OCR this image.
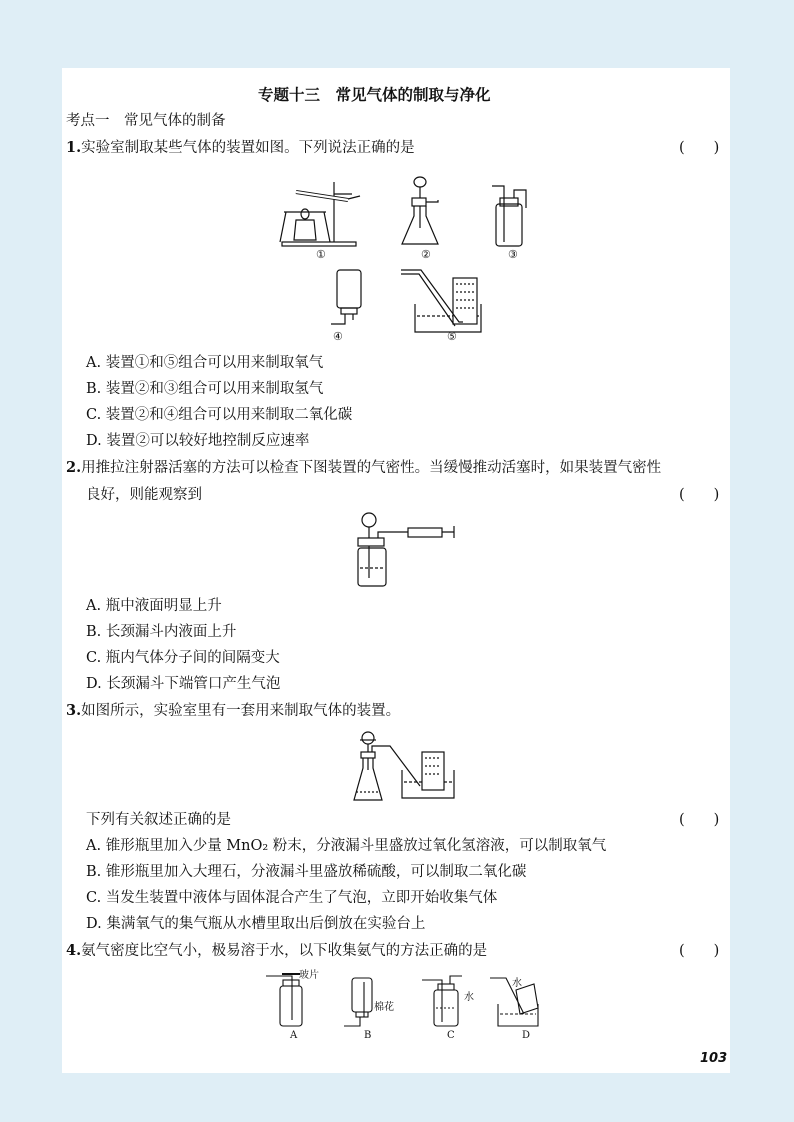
专题十三　常见气体的制取与净化
考点一　常见气体的制备
1.实验室制取某些气体的装置如图。下列说法正确的是	(　　)
①	②	③
④	⑤
A. 装置①和⑤组合可以用来制取氧气
B. 装置②和③组合可以用来制取氢气
C. 装置②和④组合可以用来制取二氧化碳
D. 装置②可以较好地控制反应速率
2.用推拉注射器活塞的方法可以检查下图装置的气密性。当缓慢推动活塞时，如果装置气密性
良好，则能观察到	(　　)
A. 瓶中液面明显上升
B. 长颈漏斗内液面上升
C. 瓶内气体分子间的间隔变大
D. 长颈漏斗下端管口产生气泡
3.如图所示，实验室里有一套用来制取气体的装置。
下列有关叙述正确的是	(　　)
A. 锥形瓶里加入少量 MnO₂ 粉末，分液漏斗里盛放过氧化氢溶液，可以制取氧气
B. 锥形瓶里加入大理石，分液漏斗里盛放稀硫酸，可以制取二氧化碳
C. 当发生装置中液体与固体混合产生了气泡，立即开始收集气体
D. 集满氧气的集气瓶从水槽里取出后倒放在实验台上
4.氨气密度比空气小，极易溶于水，以下收集氨气的方法正确的是	(　　)
玻片
棉花
水
水
A	B	C	D
103
